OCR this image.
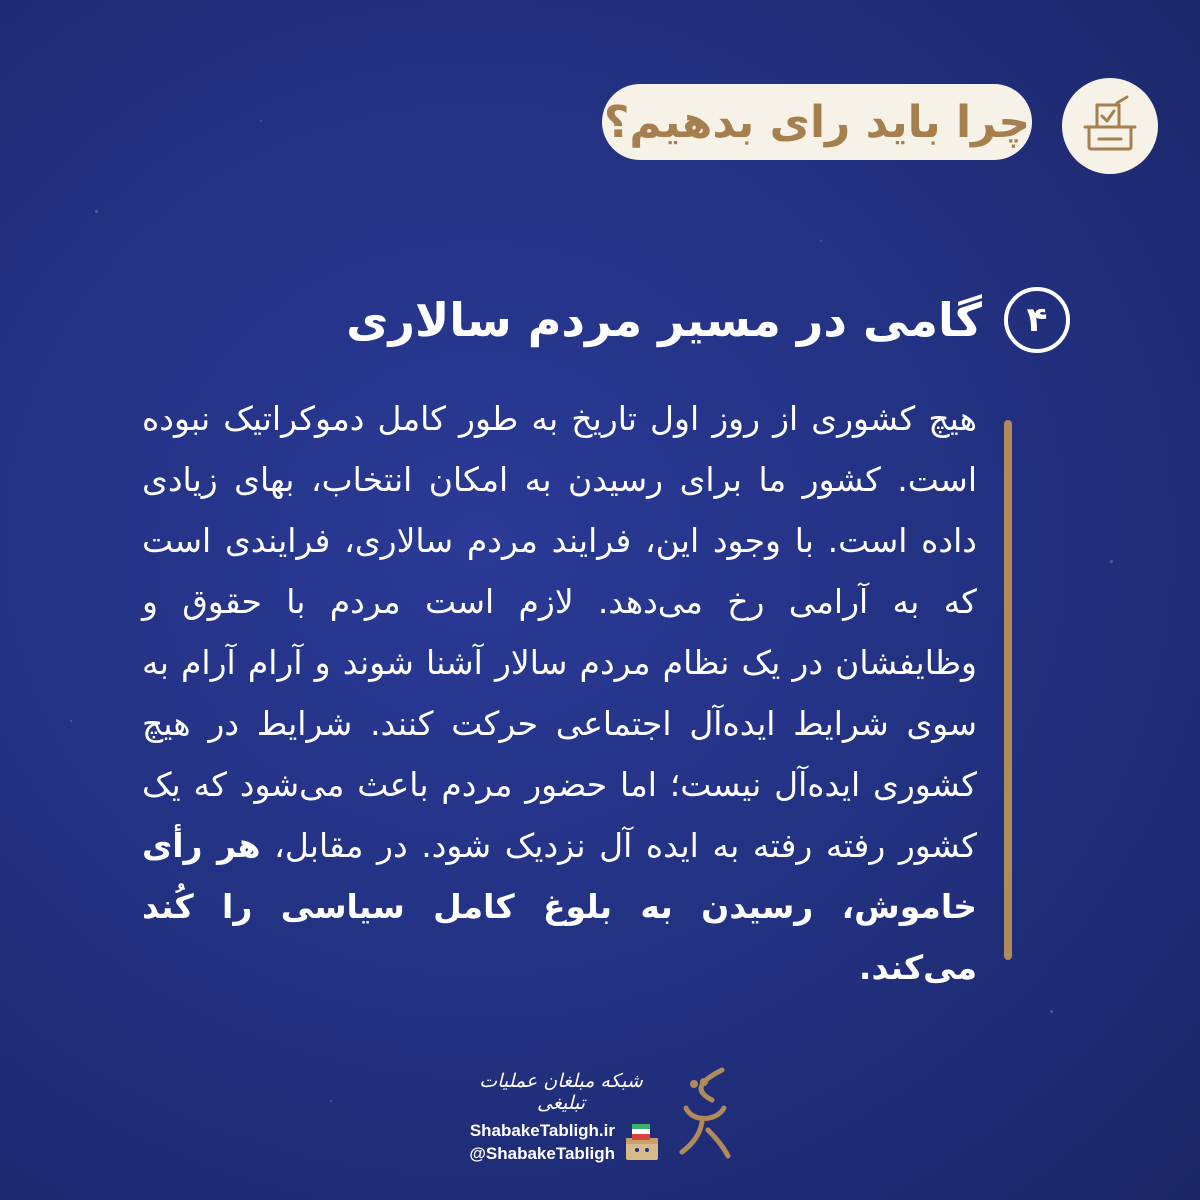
چرا باید رای بدهیم؟
۴
گامی در مسیر مردم سالاری
هیچ کشوری از روز اول تاریخ به طور کامل دموکراتیک نبوده است. کشور ما برای رسیدن به امکان انتخاب، بهای زیادی داده است. با وجود این، فرایند مردم سالاری، فرایندی است که به آرامی رخ می‌دهد. لازم است مردم با حقوق و وظایفشان در یک نظام مردم سالار آشنا شوند و آرام آرام به سوی شرایط ایده‌آل اجتماعی حرکت کنند. شرایط در هیچ کشوری ایده‌آل نیست؛ اما حضور مردم باعث می‌شود که یک کشور رفته رفته به ایده آل نزدیک شود. در مقابل، هر رأی خاموش، رسیدن به بلوغ کامل سیاسی را کُند می‌کند.
شبکه مبلغان عملیات تبلیغی
ShabakeTabligh.ir
@ShabakeTabligh
